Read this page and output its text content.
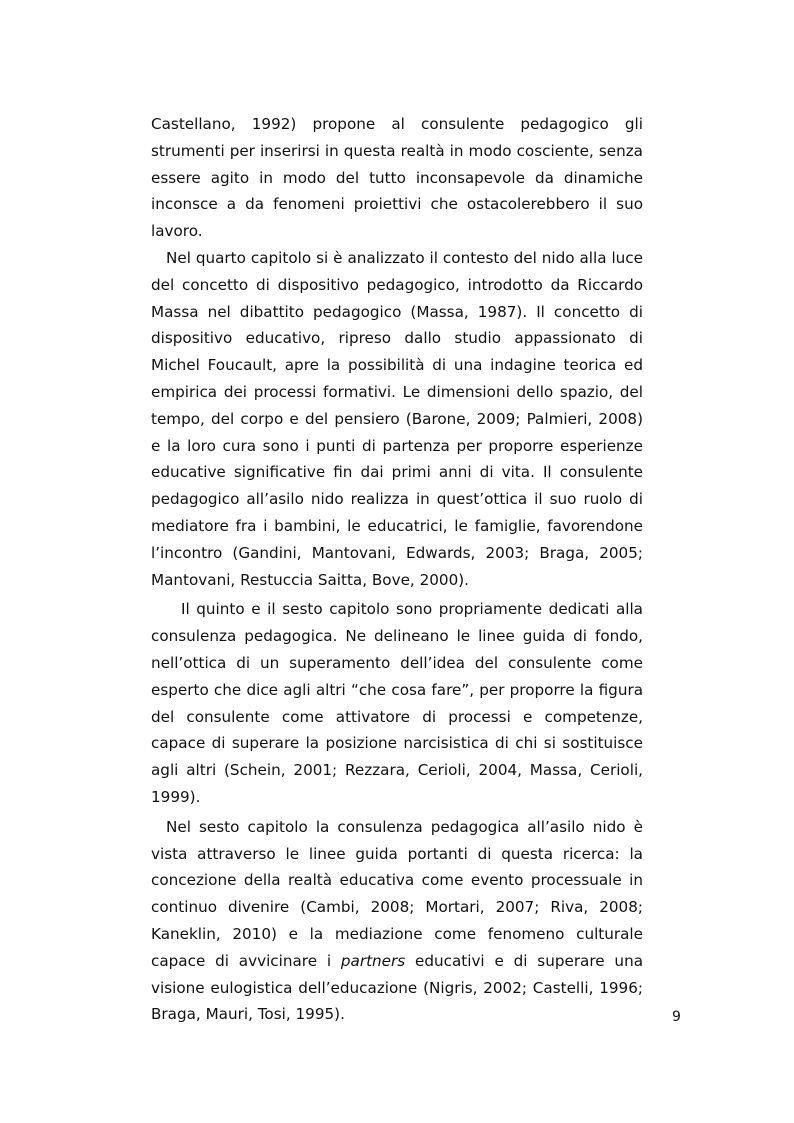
Castellano, 1992) propone al consulente pedagogico gli strumenti per inserirsi in questa realtà in modo cosciente, senza essere agito in modo del tutto inconsapevole da dinamiche inconsce a da fenomeni proiettivi che ostacolerebbero il suo lavoro.

Nel quarto capitolo si è analizzato il contesto del nido alla luce del concetto di dispositivo pedagogico, introdotto da Riccardo Massa nel dibattito pedagogico (Massa, 1987). Il concetto di dispositivo educativo, ripreso dallo studio appassionato di Michel Foucault, apre la possibilità di una indagine teorica ed empirica dei processi formativi. Le dimensioni dello spazio, del tempo, del corpo e del pensiero (Barone, 2009; Palmieri, 2008) e la loro cura sono i punti di partenza per proporre esperienze educative significative fin dai primi anni di vita. Il consulente pedagogico all’asilo nido realizza in quest’ottica il suo ruolo di mediatore fra i bambini, le educatrici, le famiglie, favorendone l’incontro (Gandini, Mantovani, Edwards, 2003; Braga, 2005; Mantovani, Restuccia Saitta, Bove, 2000).

Il quinto e il sesto capitolo sono propriamente dedicati alla consulenza pedagogica. Ne delineano le linee guida di fondo, nell’ottica di un superamento dell’idea del consulente come esperto che dice agli altri “che cosa fare”, per proporre la figura del consulente come attivatore di processi e competenze, capace di superare la posizione narcisistica di chi si sostituisce agli altri (Schein, 2001; Rezzara, Cerioli, 2004, Massa, Cerioli, 1999).

Nel sesto capitolo la consulenza pedagogica all’asilo nido è vista attraverso le linee guida portanti di questa ricerca: la concezione della realtà educativa come evento processuale in continuo divenire (Cambi, 2008; Mortari, 2007; Riva, 2008; Kaneklin, 2010) e la mediazione come fenomeno culturale capace di avvicinare i partners educativi e di superare una visione eulogistica dell’educazione (Nigris, 2002; Castelli, 1996; Braga, Mauri, Tosi, 1995).	9
